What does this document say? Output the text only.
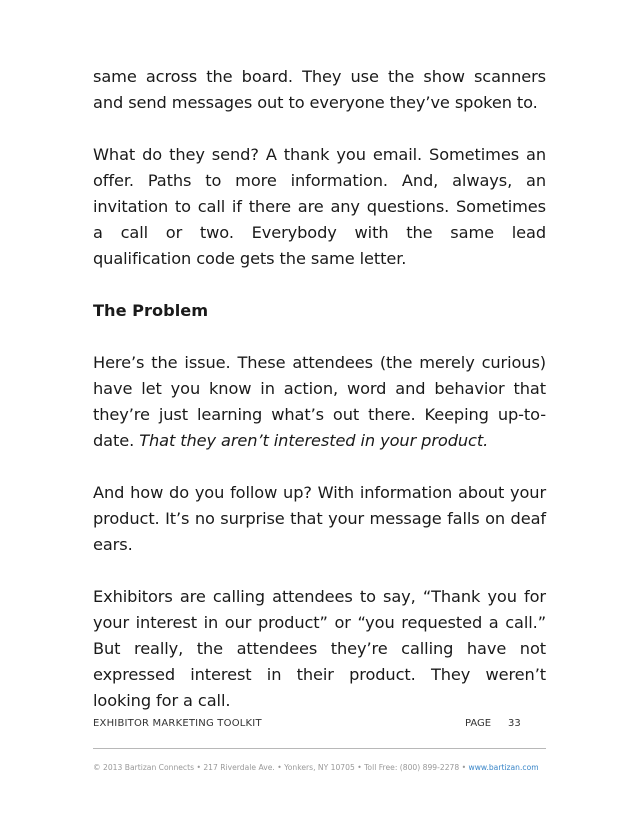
same across the board. They use the show scanners and send messages out to everyone they’ve spoken to.

What do they send? A thank you email. Sometimes an offer. Paths to more information. And, always, an invitation to call if there are any questions. Sometimes a call or two. Everybody with the same lead qualification code gets the same letter.

The Problem

Here’s the issue. These attendees (the merely curious) have let you know in action, word and behavior that they’re just learning what’s out there. Keeping up-to-date. That they aren’t interested in your product.

And how do you follow up? With information about your product. It’s no surprise that your message falls on deaf ears.

Exhibitors are calling attendees to say, “Thank you for your interest in our product” or “you requested a call.” But really, the attendees they’re calling have not expressed interest in their product. They weren’t looking for a call.

EXHIBITOR MARKETING TOOLKIT	PAGE 33
© 2013 Bartizan Connects • 217 Riverdale Ave. • Yonkers, NY 10705 • Toll Free: (800) 899-2278 • www.bartizan.com
